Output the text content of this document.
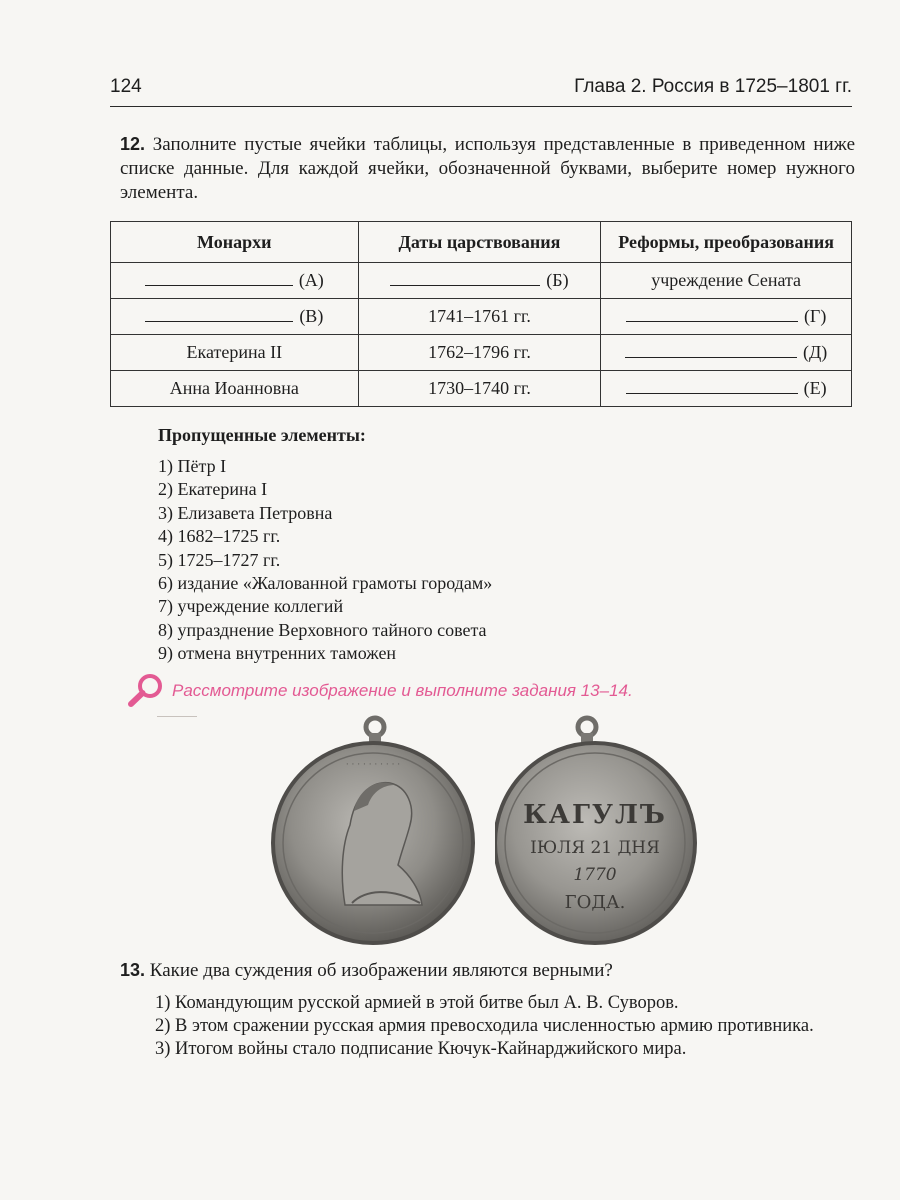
124	Глава 2. Россия в 1725–1801 гг.
12. Заполните пустые ячейки таблицы, используя представленные в приведенном ниже списке данные. Для каждой ячейки, обозначенной буквами, выберите номер нужного элемента.
Монархи	Даты царствования	Реформы, преобразования
(А)	(Б)	учреждение Сената
(В)	1741–1761 гг.	(Г)
Екатерина II	1762–1796 гг.	(Д)
Анна Иоанновна	1730–1740 гг.	(Е)
Пропущенные элементы:
1) Пётр I
2) Екатерина I
3) Елизавета Петровна
4) 1682–1725 гг.
5) 1725–1727 гг.
6) издание «Жалованной грамоты городам»
7) учреждение коллегий
8) упразднение Верховного тайного совета
9) отмена внутренних таможен
Рассмотрите изображение и выполните задания 13–14.
· · · · · · · · · ·
КАГУЛЪ
ІЮЛЯ 21 ДНЯ
1770
ГОДА.
13. Какие два суждения об изображении являются верными?
1) Командующим русской армией в этой битве был А. В. Суворов.
2) В этом сражении русская армия превосходила численностью армию противника.
3) Итогом войны стало подписание Кючук-Кайнарджийского мира.
